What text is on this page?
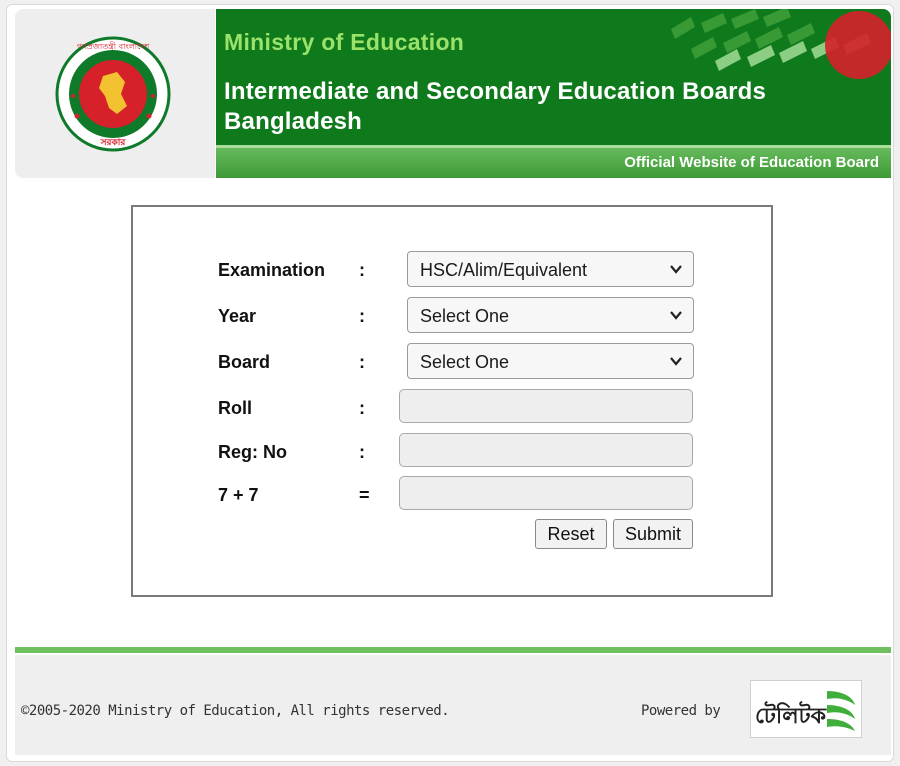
গণপ্রজাতন্ত্রী বাংলাদেশ
সরকার
Ministry of Education
Intermediate and Secondary Education Boards
Bangladesh
Official Website of Education Board
Examination :	HSC/Alim/Equivalent
Year	:	Select One
Board	:	Select One
Roll	:
Reg: No	:
7 + 7	=
Reset	Submit
©2005-2020 Ministry of Education, All rights reserved.	Powered by টেলিটক
